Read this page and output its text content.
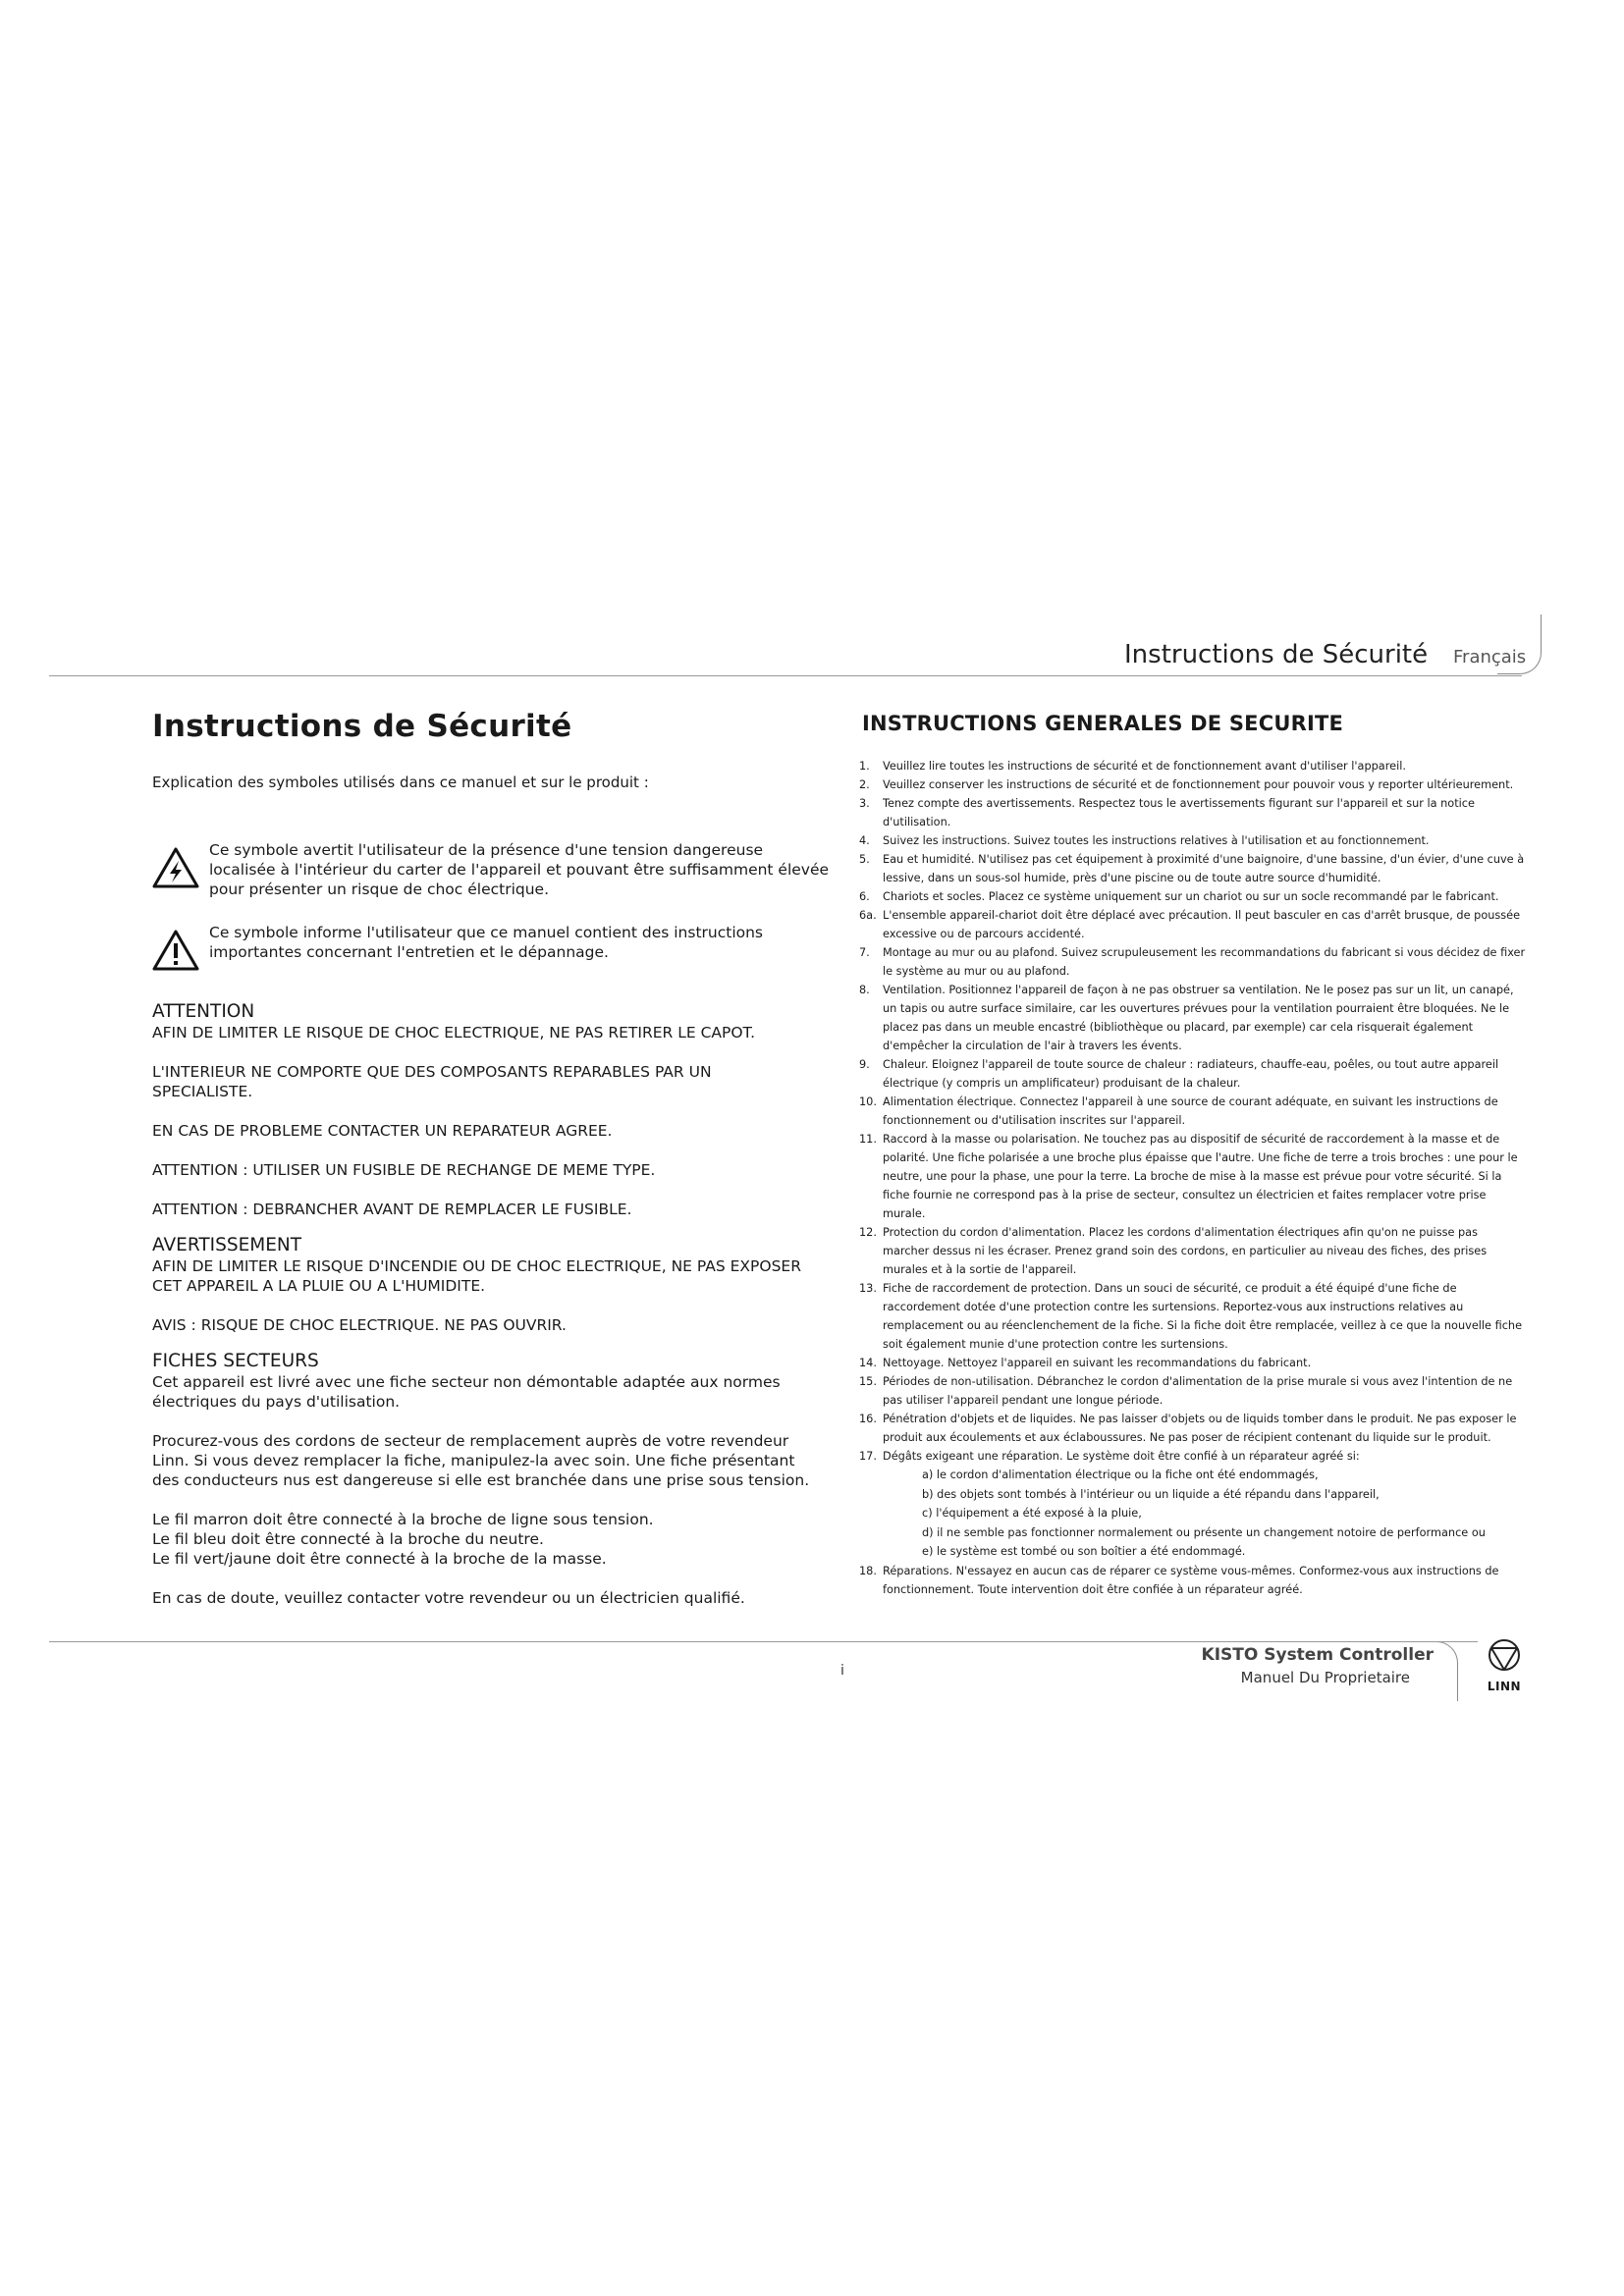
Instructions de Sécurité Français
Instructions de Sécurité
Explication des symboles utilisés dans ce manuel et sur le produit :
Ce symbole avertit l'utilisateur de la présence d'une tension dangereuse
localisée à l'intérieur du carter de l'appareil et pouvant être suffisamment élevée
pour présenter un risque de choc électrique.
Ce symbole informe l'utilisateur que ce manuel contient des instructions
importantes concernant l'entretien et le dépannage.
ATTENTION
AFIN DE LIMITER LE RISQUE DE CHOC ELECTRIQUE, NE PAS RETIRER LE CAPOT.
L'INTERIEUR NE COMPORTE QUE DES COMPOSANTS REPARABLES PAR UN
SPECIALISTE.
EN CAS DE PROBLEME CONTACTER UN REPARATEUR AGREE.
ATTENTION : UTILISER UN FUSIBLE DE RECHANGE DE MEME TYPE.
ATTENTION : DEBRANCHER AVANT DE REMPLACER LE FUSIBLE.
AVERTISSEMENT
AFIN DE LIMITER LE RISQUE D'INCENDIE OU DE CHOC ELECTRIQUE, NE PAS EXPOSER
CET APPAREIL A LA PLUIE OU A L'HUMIDITE.
AVIS : RISQUE DE CHOC ELECTRIQUE. NE PAS OUVRIR.
FICHES SECTEURS
Cet appareil est livré avec une fiche secteur non démontable adaptée aux normes
électriques du pays d'utilisation.
Procurez-vous des cordons de secteur de remplacement auprès de votre revendeur
Linn. Si vous devez remplacer la fiche, manipulez-la avec soin. Une fiche présentant
des conducteurs nus est dangereuse si elle est branchée dans une prise sous tension.
Le fil marron doit être connecté à la broche de ligne sous tension.
Le fil bleu doit être connecté à la broche du neutre.
Le fil vert/jaune doit être connecté à la broche de la masse.
En cas de doute, veuillez contacter votre revendeur ou un électricien qualifié.
INSTRUCTIONS GENERALES DE SECURITE
1.	Veuillez lire toutes les instructions de sécurité et de fonctionnement avant d'utiliser l'appareil.
2.	Veuillez conserver les instructions de sécurité et de fonctionnement pour pouvoir vous y reporter ultérieurement.
3.	Tenez compte des avertissements. Respectez tous le avertissements figurant sur l'appareil et sur la notice
d'utilisation.
4.	Suivez les instructions. Suivez toutes les instructions relatives à l'utilisation et au fonctionnement.
5.	Eau et humidité. N'utilisez pas cet équipement à proximité d'une baignoire, d'une bassine, d'un évier, d'une cuve à
lessive, dans un sous-sol humide, près d'une piscine ou de toute autre source d'humidité.
6.	Chariots et socles. Placez ce système uniquement sur un chariot ou sur un socle recommandé par le fabricant.
6a. L'ensemble appareil-chariot doit être déplacé avec précaution. Il peut basculer en cas d'arrêt brusque, de poussée
excessive ou de parcours accidenté.
7.	Montage au mur ou au plafond. Suivez scrupuleusement les recommandations du fabricant si vous décidez de fixer
le système au mur ou au plafond.
8.	Ventilation. Positionnez l'appareil de façon à ne pas obstruer sa ventilation. Ne le posez pas sur un lit, un canapé,
un tapis ou autre surface similaire, car les ouvertures prévues pour la ventilation pourraient être bloquées. Ne le
placez pas dans un meuble encastré (bibliothèque ou placard, par exemple) car cela risquerait également
d'empêcher la circulation de l'air à travers les évents.
9.	Chaleur. Eloignez l'appareil de toute source de chaleur : radiateurs, chauffe-eau, poêles, ou tout autre appareil
électrique (y compris un amplificateur) produisant de la chaleur.
10. Alimentation électrique. Connectez l'appareil à une source de courant adéquate, en suivant les instructions de
fonctionnement ou d'utilisation inscrites sur l'appareil.
11. Raccord à la masse ou polarisation. Ne touchez pas au dispositif de sécurité de raccordement à la masse et de
polarité. Une fiche polarisée a une broche plus épaisse que l'autre. Une fiche de terre a trois broches : une pour le
neutre, une pour la phase, une pour la terre. La broche de mise à la masse est prévue pour votre sécurité. Si la
fiche fournie ne correspond pas à la prise de secteur, consultez un électricien et faites remplacer votre prise
murale.
12. Protection du cordon d'alimentation. Placez les cordons d'alimentation électriques afin qu'on ne puisse pas
marcher dessus ni les écraser. Prenez grand soin des cordons, en particulier au niveau des fiches, des prises
murales et à la sortie de l'appareil.
13. Fiche de raccordement de protection. Dans un souci de sécurité, ce produit a été équipé d'une fiche de
raccordement dotée d'une protection contre les surtensions. Reportez-vous aux instructions relatives au
remplacement ou au réenclenchement de la fiche. Si la fiche doit être remplacée, veillez à ce que la nouvelle fiche
soit également munie d'une protection contre les surtensions.
14. Nettoyage. Nettoyez l'appareil en suivant les recommandations du fabricant.
15. Périodes de non-utilisation. Débranchez le cordon d'alimentation de la prise murale si vous avez l'intention de ne
pas utiliser l'appareil pendant une longue période.
16. Pénétration d'objets et de liquides. Ne pas laisser d'objets ou de liquids tomber dans le produit. Ne pas exposer le
produit aux écoulements et aux éclaboussures. Ne pas poser de récipient contenant du liquide sur le produit.
17. Dégâts exigeant une réparation. Le système doit être confié à un réparateur agréé si:
a) le cordon d'alimentation électrique ou la fiche ont été endommagés,
b) des objets sont tombés à l'intérieur ou un liquide a été répandu dans l'appareil,
c) l'équipement a été exposé à la pluie,
d) il ne semble pas fonctionner normalement ou présente un changement notoire de performance ou
e) le système est tombé ou son boîtier a été endommagé.
18. Réparations. N'essayez en aucun cas de réparer ce système vous-mêmes. Conformez-vous aux instructions de
fonctionnement. Toute intervention doit être confiée à un réparateur agréé.
KISTO System Controller
Manuel Du Proprietaire
i
LINN
